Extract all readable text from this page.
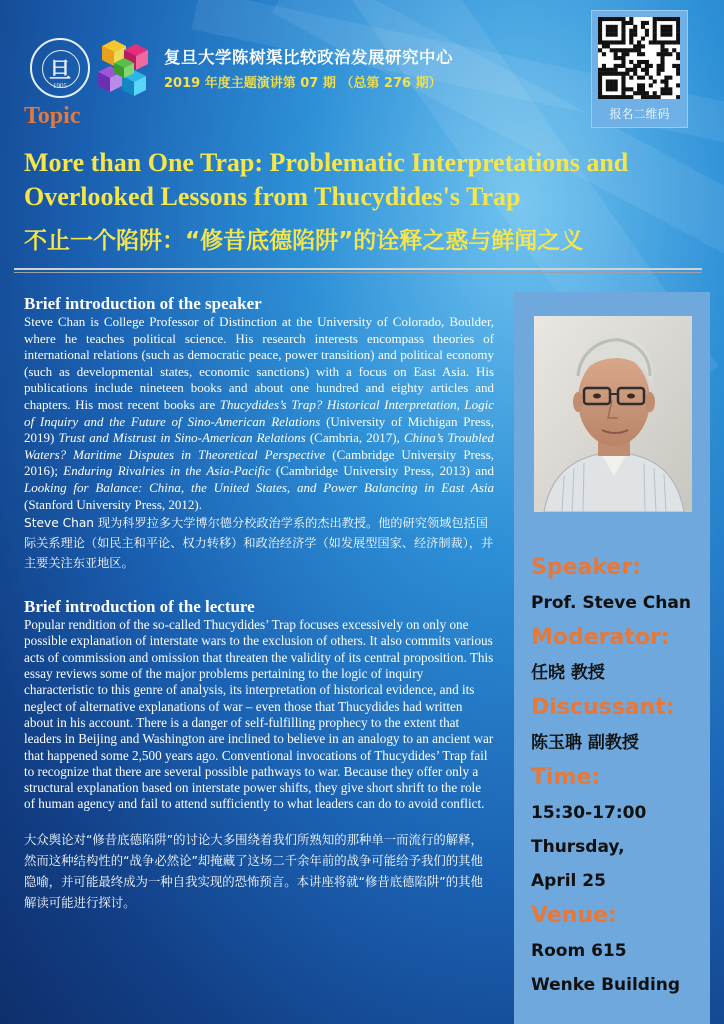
旦
1905
复旦大学陈树渠比较政治发展研究中心
2019 年度主题演讲第 07 期 （总第 276 期）
报名二维码
Topic
More than One Trap: Problematic Interpretations and Overlooked Lessons from Thucydides's Trap
不止一个陷阱：“修昔底德陷阱”的诠释之惑与鲜闻之义

Brief introduction of the speaker

Steve Chan is College Professor of Distinction at the University of Colorado, Boulder, where he teaches political science. His research interests encompass theories of international relations (such as democratic peace, power transition) and political economy (such as developmental states, economic sanctions) with a focus on East Asia. His publications include nineteen books and about one hundred and eighty articles and chapters. His most recent books are Thucydides’s Trap? Historical Interpretation, Logic of Inquiry and the Future of Sino-American Relations (University of Michigan Press, 2019) Trust and Mistrust in Sino-American Relations (Cambria, 2017), China’s Troubled Waters? Maritime Disputes in Theoretical Perspective (Cambridge University Press, 2016); Enduring Rivalries in the Asia-Pacific (Cambridge University Press, 2013) and Looking for Balance: China, the United States, and Power Balancing in East Asia (Stanford University Press, 2012).

Steve Chan 现为科罗拉多大学博尔德分校政治学系的杰出教授。他的研究领域包括国际关系理论（如民主和平论、权力转移）和政治经济学（如发展型国家、经济制裁），并主要关注东亚地区。

Brief introduction of the lecture

Popular rendition of the so-called Thucydides’ Trap focuses excessively on only one possible explanation of interstate wars to the exclusion of others. It also commits various acts of commission and omission that threaten the validity of its central proposition. This essay reviews some of the major problems pertaining to the logic of inquiry characteristic to this genre of analysis, its interpretation of historical evidence, and its neglect of alternative explanations of war – even those that Thucydides had written about in his account. There is a danger of self-fulfilling prophecy to the extent that leaders in Beijing and Washington are inclined to believe in an analogy to an ancient war that happened some 2,500 years ago. Conventional invocations of Thucydides’ Trap fail to recognize that there are several possible pathways to war. Because they offer only a structural explanation based on interstate power shifts, they give short shrift to the role of human agency and fail to attend sufficiently to what leaders can do to avoid conflict.

大众舆论对“修昔底德陷阱”的讨论大多围绕着我们所熟知的那种单一而流行的解释，然而这种结构性的“战争必然论”却掩藏了这场二千余年前的战争可能给予我们的其他隐喻，并可能最终成为一种自我实现的恐怖预言。本讲座将就“修昔底德陷阱”的其他解读可能进行探讨。

Speaker:

Prof. Steve Chan

Moderator:

任晓 教授

Discussant:

陈玉聃 副教授

Time:

15:30-17:00

Thursday,

April 25

Venue:

Room 615

Wenke Building
